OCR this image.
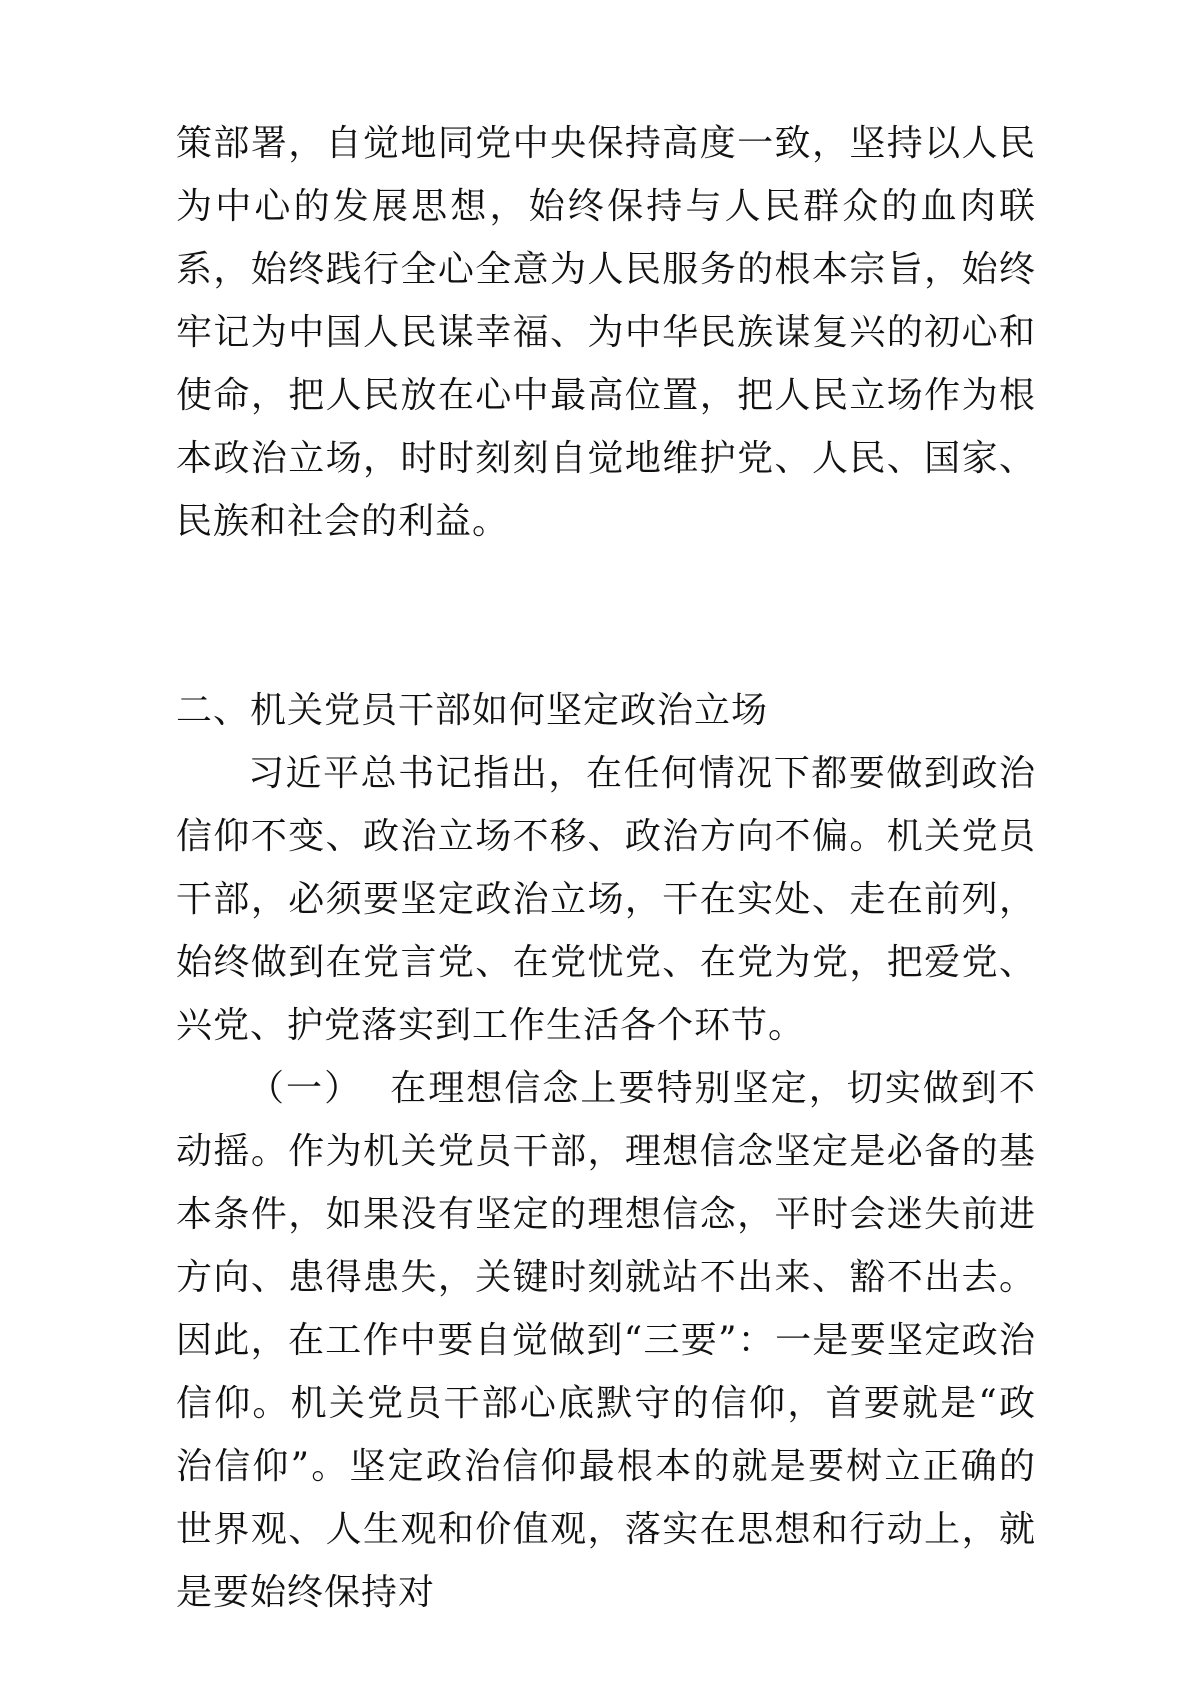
策部署，自觉地同党中央保持高度一致，坚持以人民为中心的发展思想，始终保持与人民群众的血肉联系，始终践行全心全意为人民服务的根本宗旨，始终牢记为中国人民谋幸福、为中华民族谋复兴的初心和使命，把人民放在心中最高位置，把人民立场作为根本政治立场，时时刻刻自觉地维护党、人民、国家、民族和社会的利益。

二、机关党员干部如何坚定政治立场

习近平总书记指出，在任何情况下都要做到政治信仰不变、政治立场不移、政治方向不偏。机关党员干部，必须要坚定政治立场，干在实处、走在前列，始终做到在党言党、在党忧党、在党为党，把爱党、兴党、护党落实到工作生活各个环节。

（一） 在理想信念上要特别坚定，切实做到不动摇。作为机关党员干部，理想信念坚定是必备的基本条件，如果没有坚定的理想信念，平时会迷失前进方向、患得患失，关键时刻就站不出来、豁不出去。因此，在工作中要自觉做到“三要”：一是要坚定政治信仰。机关党员干部心底默守的信仰，首要就是“政治信仰”。坚定政治信仰最根本的就是要树立正确的世界观、人生观和价值观，落实在思想和行动上，就是要始终保持对
